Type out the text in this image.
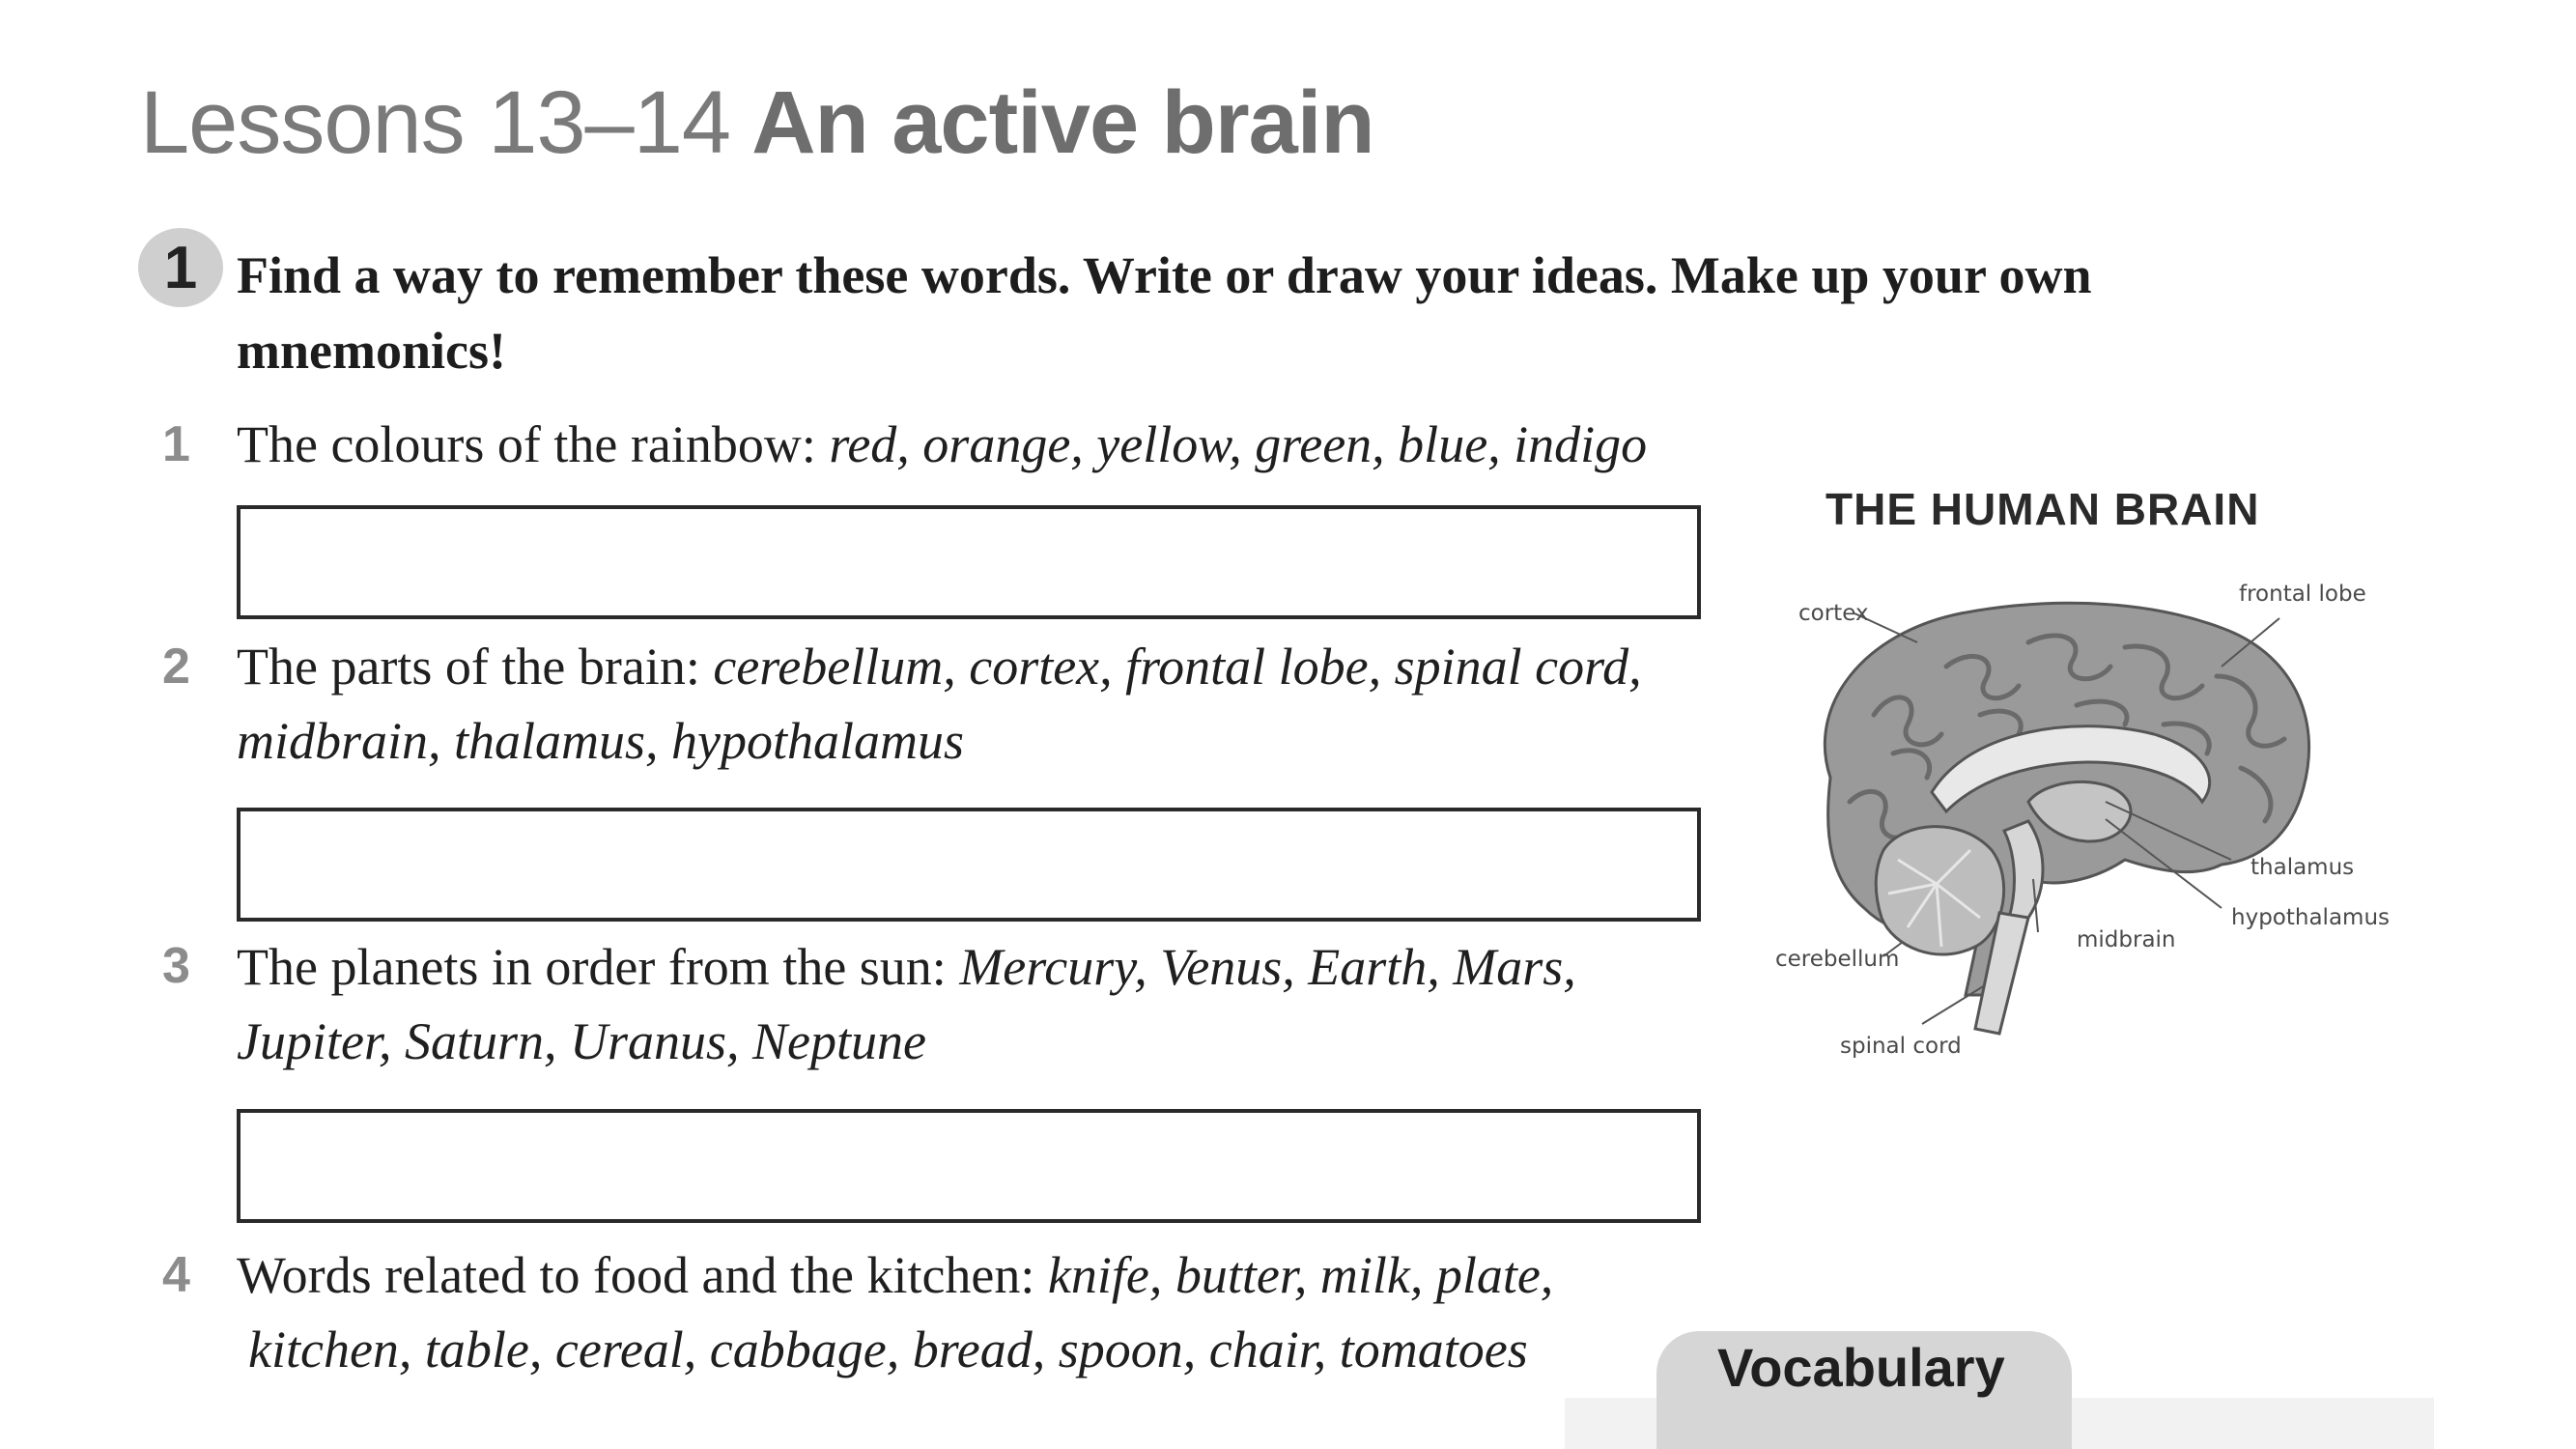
Lessons 13–14 An active brain
1 Find a way to remember these words. Write or draw your ideas. Make up your own mnemonics!
1 The colours of the rainbow: red, orange, yellow, green, blue, indigo
2 The parts of the brain: cerebellum, cortex, frontal lobe, spinal cord,
midbrain, thalamus, hypothalamus
3 The planets in order from the sun: Mercury, Venus, Earth, Mars,
Jupiter, Saturn, Uranus, Neptune
4 Words related to food and the kitchen: knife, butter, milk, plate,
kitchen, table, cereal, cabbage, bread, spoon, chair, tomatoes
THE HUMAN BRAIN
cortex
frontal lobe
thalamus
hypothalamus
midbrain
cerebellum
spinal cord
Vocabulary
